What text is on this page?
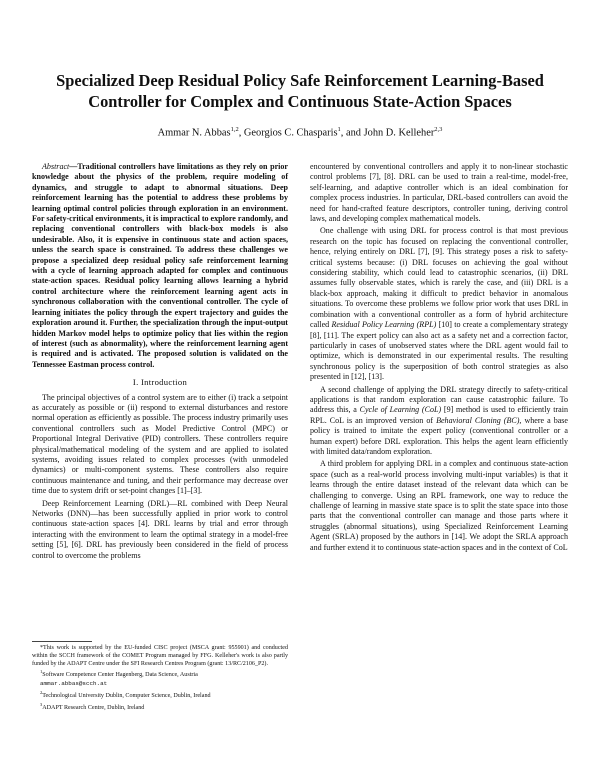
Specialized Deep Residual Policy Safe Reinforcement Learning-Based Controller for Complex and Continuous State-Action Spaces
Ammar N. Abbas$^{1,2}$, Georgios C. Chasparis$^1$, and John D. Kelleher$^{2,3}$

Abstract—Traditional controllers have limitations as they rely on prior knowledge about the physics of the problem, require modeling of dynamics, and struggle to adapt to abnormal situations. Deep reinforcement learning has the potential to address these problems by learning optimal control policies through exploration in an environment. For safety-critical environments, it is impractical to explore randomly, and replacing conventional controllers with black-box models is also undesirable. Also, it is expensive in continuous state and action spaces, unless the search space is constrained. To address these challenges we propose a specialized deep residual policy safe reinforcement learning with a cycle of learning approach adapted for complex and continuous state-action spaces. Residual policy learning allows learning a hybrid control architecture where the reinforcement learning agent acts in synchronous collaboration with the conventional controller. The cycle of learning initiates the policy through the expert trajectory and guides the exploration around it. Further, the specialization through the input-output hidden Markov model helps to optimize policy that lies within the region of interest (such as abnormality), where the reinforcement learning agent is required and is activated. The proposed solution is validated on the Tennessee Eastman process control.

I. Introduction

The principal objectives of a control system are to either (i) track a setpoint as accurately as possible or (ii) respond to external disturbances and restore normal operation as efficiently as possible. The process industry primarily uses conventional controllers such as Model Predictive Control (MPC) or Proportional Integral Derivative (PID) controllers. These controllers require physical/mathematical modeling of the system and are applied to isolated systems, avoiding issues related to complex processes (with unmodeled dynamics) or multi-component systems. These controllers also require continuous maintenance and tuning, and their performance may decrease over time due to system drift or set-point changes [1]–[3].

Deep Reinforcement Learning (DRL)—RL combined with Deep Neural Networks (DNN)—has been successfully applied in prior work to control continuous state-action spaces [4]. DRL learns by trial and error through interacting with the environment to learn the optimal strategy in a model-free setting [5], [6]. DRL has previously been considered in the field of process control to overcome the problems

*This work is supported by the EU-funded CISC project (MSCA grant: 955901) and conducted within the SCCH framework of the COMET Program managed by FFG. Kelleher's work is also partly funded by the ADAPT Centre under the SFI Research Centres Program (grant: 13/RC/2106_P2).

$^1$Software Competence Center Hagenberg, Data Science, Austria

ammar.abbas@scch.at

$^2$Technological University Dublin, Computer Science, Dublin, Ireland

$^3$ADAPT Research Centre, Dublin, Ireland

encountered by conventional controllers and apply it to non-linear stochastic control problems [7], [8]. DRL can be used to train a real-time, model-free, self-learning, and adaptive controller which is an ideal combination for complex process industries. In particular, DRL-based controllers can avoid the need for hand-crafted feature descriptors, controller tuning, deriving control laws, and developing complex mathematical models.

One challenge with using DRL for process control is that most previous research on the topic has focused on replacing the conventional controller, hence, relying entirely on DRL [7], [9]. This strategy poses a risk to safety-critical systems because: (i) DRL focuses on achieving the goal without considering stability, which could lead to catastrophic scenarios, (ii) DRL assumes fully observable states, which is rarely the case, and (iii) DRL is a black-box approach, making it difficult to predict behavior in anomalous situations. To overcome these problems we follow prior work that uses DRL in combination with a conventional controller as a form of hybrid architecture called Residual Policy Learning (RPL) [10] to create a complementary strategy [8], [11]. The expert policy can also act as a safety net and a correction factor, particularly in cases of unobserved states where the DRL agent would fail to optimize, which is demonstrated in our experimental results. The resulting synchronous policy is the superposition of both control strategies as also presented in [12], [13].

A second challenge of applying the DRL strategy directly to safety-critical applications is that random exploration can cause catastrophic failure. To address this, a Cycle of Learning (CoL) [9] method is used to efficiently train RPL. CoL is an improved version of Behavioral Cloning (BC), where a base policy is trained to imitate the expert policy (conventional controller or a human expert) before DRL exploration. This helps the agent learn efficiently with limited data/random exploration.

A third problem for applying DRL in a complex and continuous state-action space (such as a real-world process involving multi-input variables) is that it learns through the entire dataset instead of the relevant data which can be challenging to converge. Using an RPL framework, one way to reduce the challenge of learning in massive state space is to split the state space into those parts that the conventional controller can manage and those parts where it struggles (abnormal situations), using Specialized Reinforcement Learning Agent (SRLA) proposed by the authors in [14]. We adopt the SRLA approach and further extend it to continuous state-action spaces and in the context of CoL
